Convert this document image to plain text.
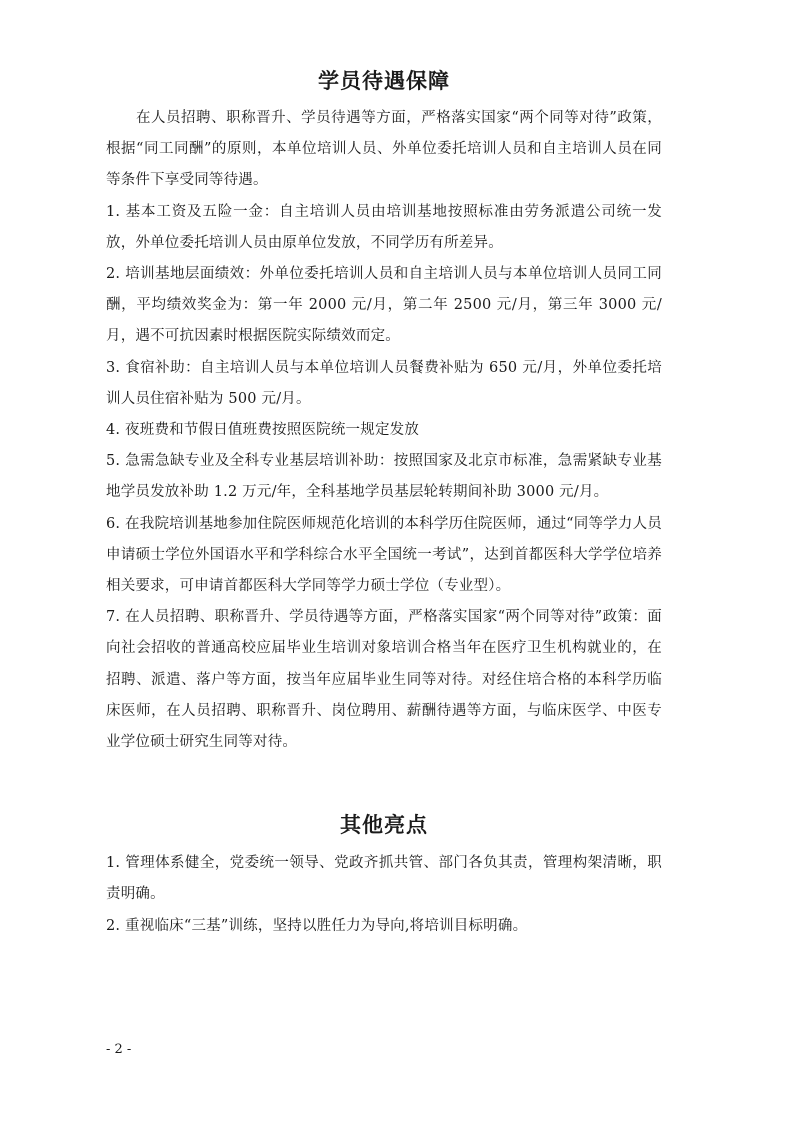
学员待遇保障

在人员招聘、职称晋升、学员待遇等方面，严格落实国家“两个同等对待”政策，根据“同工同酬”的原则，本单位培训人员、外单位委托培训人员和自主培训人员在同等条件下享受同等待遇。

1. 基本工资及五险一金：自主培训人员由培训基地按照标准由劳务派遣公司统一发放，外单位委托培训人员由原单位发放，不同学历有所差异。

2. 培训基地层面绩效：外单位委托培训人员和自主培训人员与本单位培训人员同工同酬，平均绩效奖金为：第一年 2000 元/月，第二年 2500 元/月，第三年 3000 元/月，遇不可抗因素时根据医院实际绩效而定。

3. 食宿补助：自主培训人员与本单位培训人员餐费补贴为 650 元/月，外单位委托培训人员住宿补贴为 500 元/月。

4. 夜班费和节假日值班费按照医院统一规定发放

5. 急需急缺专业及全科专业基层培训补助：按照国家及北京市标准，急需紧缺专业基地学员发放补助 1.2 万元/年，全科基地学员基层轮转期间补助 3000 元/月。

6. 在我院培训基地参加住院医师规范化培训的本科学历住院医师，通过“同等学力人员申请硕士学位外国语水平和学科综合水平全国统一考试”，达到首都医科大学学位培养相关要求，可申请首都医科大学同等学力硕士学位（专业型）。

7. 在人员招聘、职称晋升、学员待遇等方面，严格落实国家“两个同等对待”政策：面向社会招收的普通高校应届毕业生培训对象培训合格当年在医疗卫生机构就业的，在招聘、派遣、落户等方面，按当年应届毕业生同等对待。对经住培合格的本科学历临床医师，在人员招聘、职称晋升、岗位聘用、薪酬待遇等方面，与临床医学、中医专业学位硕士研究生同等对待。

其他亮点

1. 管理体系健全，党委统一领导、党政齐抓共管、部门各负其责，管理构架清晰，职责明确。

2. 重视临床“三基”训练，坚持以胜任力为导向,将培训目标明确。

- 2 -
